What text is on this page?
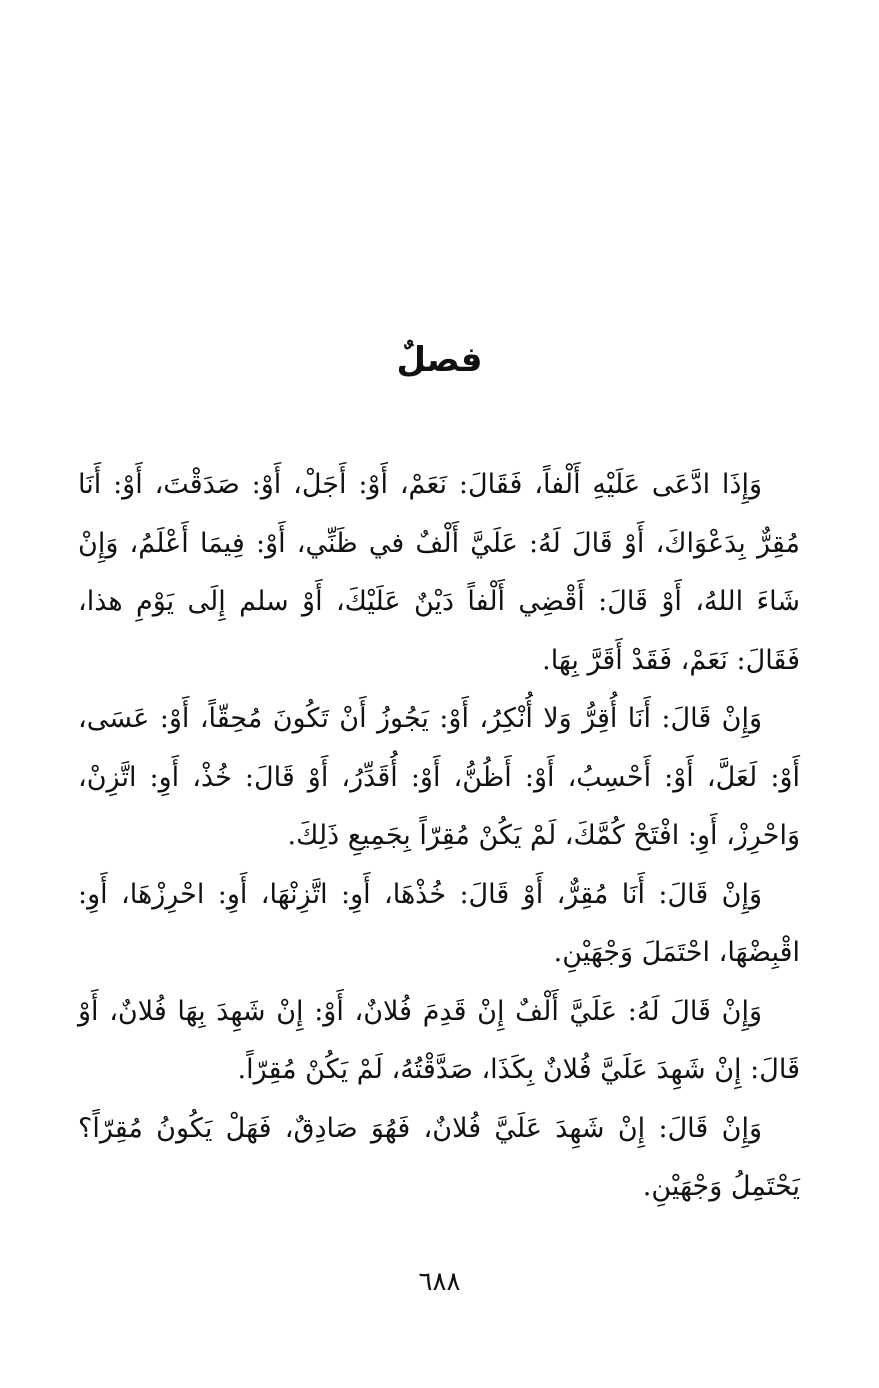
فصلٌ

وَإِذَا ادَّعَى عَلَيْهِ أَلْفاً، فَقَالَ: نَعَمْ، أَوْ: أَجَلْ، أَوْ: صَدَقْتَ، أَوْ: أَنَا مُقِرٌّ بِدَعْوَاكَ، أَوْ قَالَ لَهُ: عَلَيَّ أَلْفٌ في ظَنِّي، أَوْ: فِيمَا أَعْلَمُ، وَإِنْ شَاءَ اللهُ، أَوْ قَالَ: أَقْضِي أَلْفاً دَيْنٌ عَلَيْكَ، أَوْ سلم إِلَى يَوْمِ هذا، فَقَالَ: نَعَمْ، فَقَدْ أَقَرَّ بِهَا.

وَإِنْ قَالَ: أَنَا أُقِرُّ وَلا أُنْكِرُ، أَوْ: يَجُوزُ أَنْ تَكُونَ مُحِقّاً، أَوْ: عَسَى، أَوْ: لَعَلَّ، أَوْ: أَحْسِبُ، أَوْ: أَظُنُّ، أَوْ: أُقَدِّرُ، أَوْ قَالَ: خُذْ، أَوِ: اتَّزِنْ، وَاحْرِزْ، أَوِ: افْتَحْ كُمَّكَ، لَمْ يَكُنْ مُقِرّاً بِجَمِيعِ ذَلِكَ.

وَإِنْ قَالَ: أَنَا مُقِرٌّ، أَوْ قَالَ: خُذْهَا، أَوِ: اتَّزِنْهَا، أَوِ: احْرِزْهَا، أَوِ: اقْبِضْهَا، احْتَمَلَ وَجْهَيْنِ.

وَإِنْ قَالَ لَهُ: عَلَيَّ أَلْفٌ إِنْ قَدِمَ فُلانٌ، أَوْ: إِنْ شَهِدَ بِهَا فُلانٌ، أَوْ قَالَ: إِنْ شَهِدَ عَلَيَّ فُلانٌ بِكَذَا، صَدَّقْتُهُ، لَمْ يَكُنْ مُقِرّاً.

وَإِنْ قَالَ: إِنْ شَهِدَ عَلَيَّ فُلانٌ، فَهُوَ صَادِقٌ، فَهَلْ يَكُونُ مُقِرّاً؟ يَحْتَمِلُ وَجْهَيْنِ.

٦٨٨
